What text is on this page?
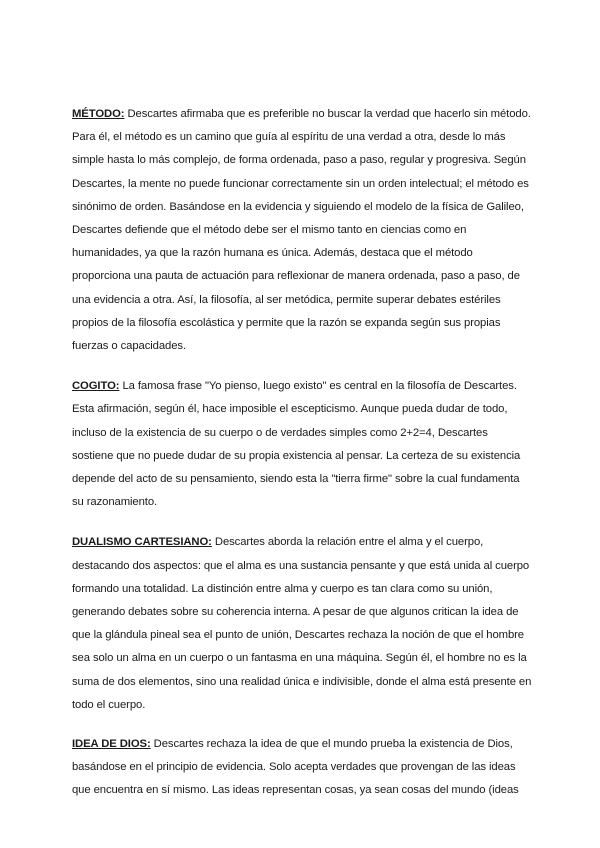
MÉTODO: Descartes afirmaba que es preferible no buscar la verdad que hacerlo sin método. Para él, el método es un camino que guía al espíritu de una verdad a otra, desde lo más simple hasta lo más complejo, de forma ordenada, paso a paso, regular y progresiva. Según Descartes, la mente no puede funcionar correctamente sin un orden intelectual; el método es sinónimo de orden. Basándose en la evidencia y siguiendo el modelo de la física de Galileo, Descartes defiende que el método debe ser el mismo tanto en ciencias como en humanidades, ya que la razón humana es única. Además, destaca que el método proporciona una pauta de actuación para reflexionar de manera ordenada, paso a paso, de una evidencia a otra. Así, la filosofía, al ser metódica, permite superar debates estériles propios de la filosofía escolástica y permite que la razón se expanda según sus propias fuerzas o capacidades.

COGITO: La famosa frase "Yo pienso, luego existo" es central en la filosofía de Descartes. Esta afirmación, según él, hace imposible el escepticismo. Aunque pueda dudar de todo, incluso de la existencia de su cuerpo o de verdades simples como 2+2=4, Descartes sostiene que no puede dudar de su propia existencia al pensar. La certeza de su existencia depende del acto de su pensamiento, siendo esta la "tierra firme" sobre la cual fundamenta su razonamiento.

DUALISMO CARTESIANO: Descartes aborda la relación entre el alma y el cuerpo, destacando dos aspectos: que el alma es una sustancia pensante y que está unida al cuerpo formando una totalidad. La distinción entre alma y cuerpo es tan clara como su unión, generando debates sobre su coherencia interna. A pesar de que algunos critican la idea de que la glándula pineal sea el punto de unión, Descartes rechaza la noción de que el hombre sea solo un alma en un cuerpo o un fantasma en una máquina. Según él, el hombre no es la suma de dos elementos, sino una realidad única e indivisible, donde el alma está presente en todo el cuerpo.

IDEA DE DIOS: Descartes rechaza la idea de que el mundo prueba la existencia de Dios, basándose en el principio de evidencia. Solo acepta verdades que provengan de las ideas que encuentra en sí mismo. Las ideas representan cosas, ya sean cosas del mundo (ideas
